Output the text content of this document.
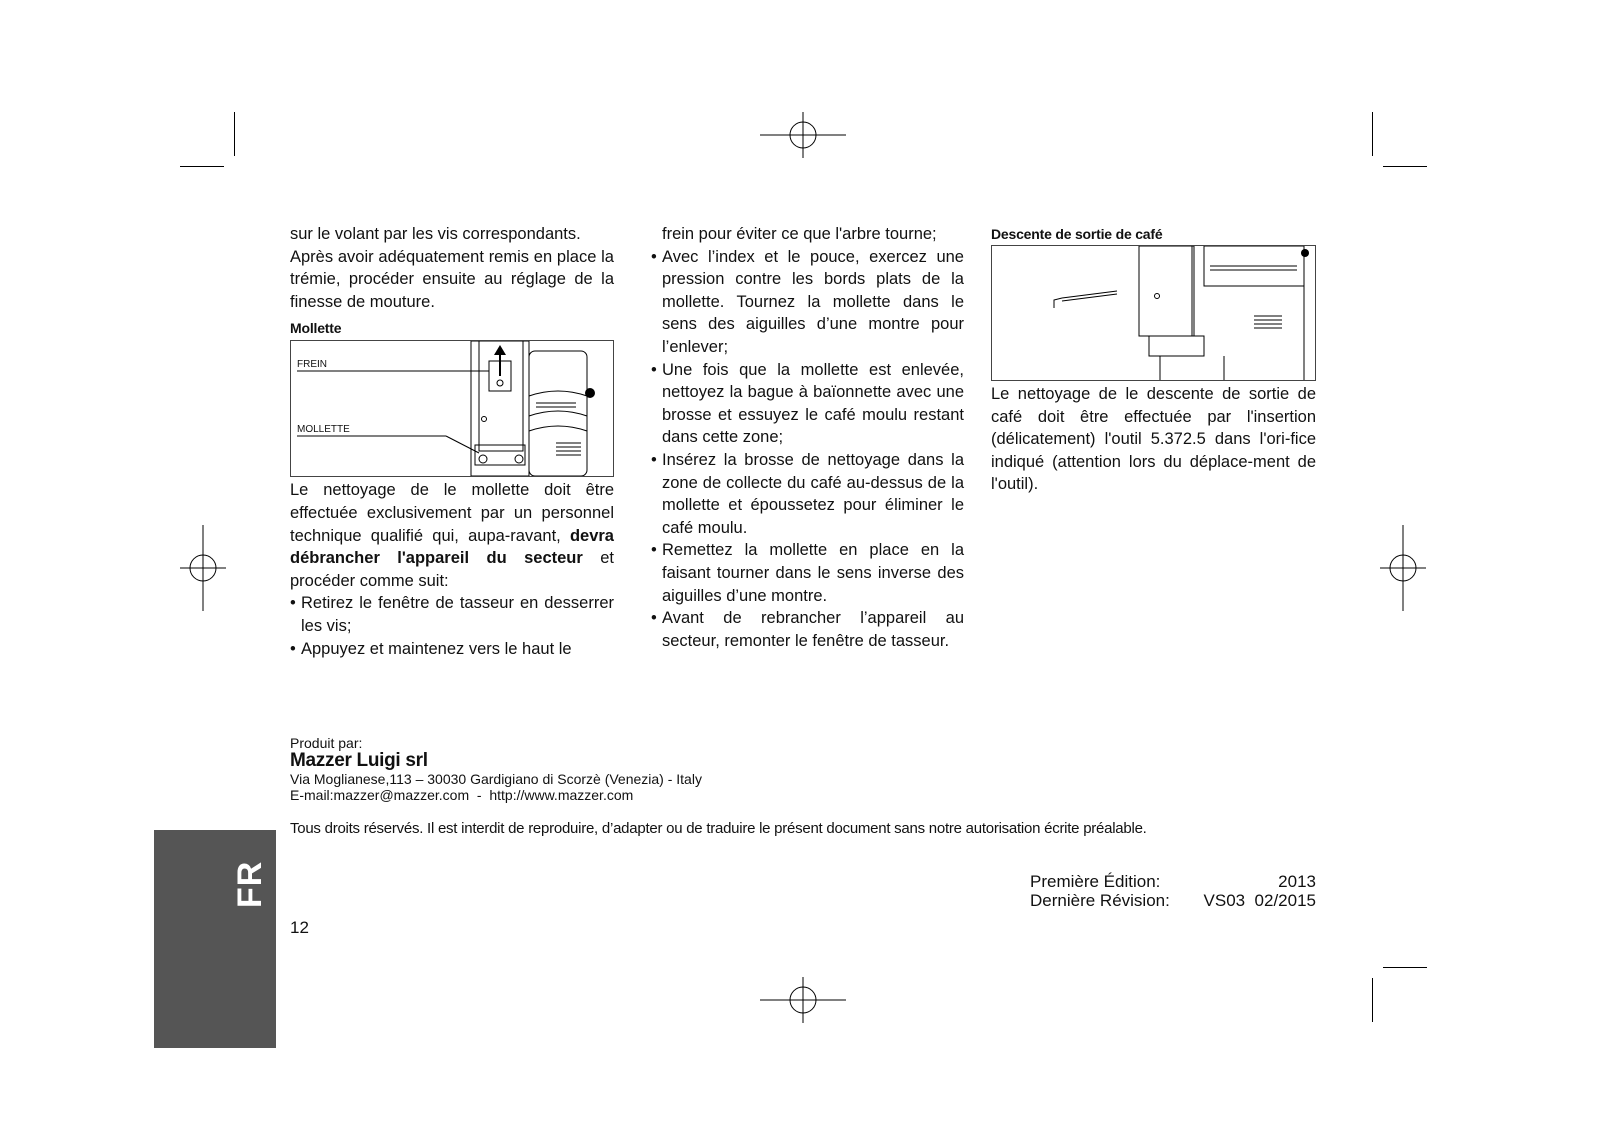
sur le volant par les vis correspondants.

Après avoir adéquatement remis en place la trémie, procéder ensuite au réglage de la finesse de mouture.

Mollette
FREIN
MOLLETTE

Le nettoyage de le mollette doit être effectuée exclusivement par un personnel technique qualifié qui, aupa-ravant, devra débrancher l'appareil du secteur et procéder comme suit:

• Retirez le fenêtre de tasseur en desserrer les vis;
• Appuyez et maintenez vers le haut le

frein pour éviter ce que l'arbre tourne;

• Avec l’index et le pouce, exercez une pression contre les bords plats de la mollette. Tournez la mollette dans le sens des aiguilles d’une montre pour l’enlever;
• Une fois que la mollette est enlevée, nettoyez la bague à baïonnette avec une brosse et essuyez le café moulu restant dans cette zone;
• Insérez la brosse de nettoyage dans la zone de collecte du café au-dessus de la mollette et époussetez pour éliminer le café moulu.
• Remettez la mollette en place en la faisant tourner dans le sens inverse des aiguilles d’une montre.
• Avant de rebrancher l’appareil au secteur, remonter le fenêtre de tasseur.
Descente de sortie de café

Le nettoyage de le descente de sortie de café doit être effectuée par l'insertion (délicatement) l'outil 5.372.5 dans l'ori-fice indiqué (attention lors du déplace-ment de l'outil).

Produit par:
Mazzer Luigi srl
Via Moglianese,113 – 30030 Gardigiano di Scorzè (Venezia) - Italy
E-mail:mazzer@mazzer.com  -  http://www.mazzer.com
Tous droits réservés. Il est interdit de reproduire, d’adapter ou de traduire le présent document sans notre autorisation écrite préalable.
Première Édition:	2013
Dernière Révision: VS03  02/2015
FR
12
